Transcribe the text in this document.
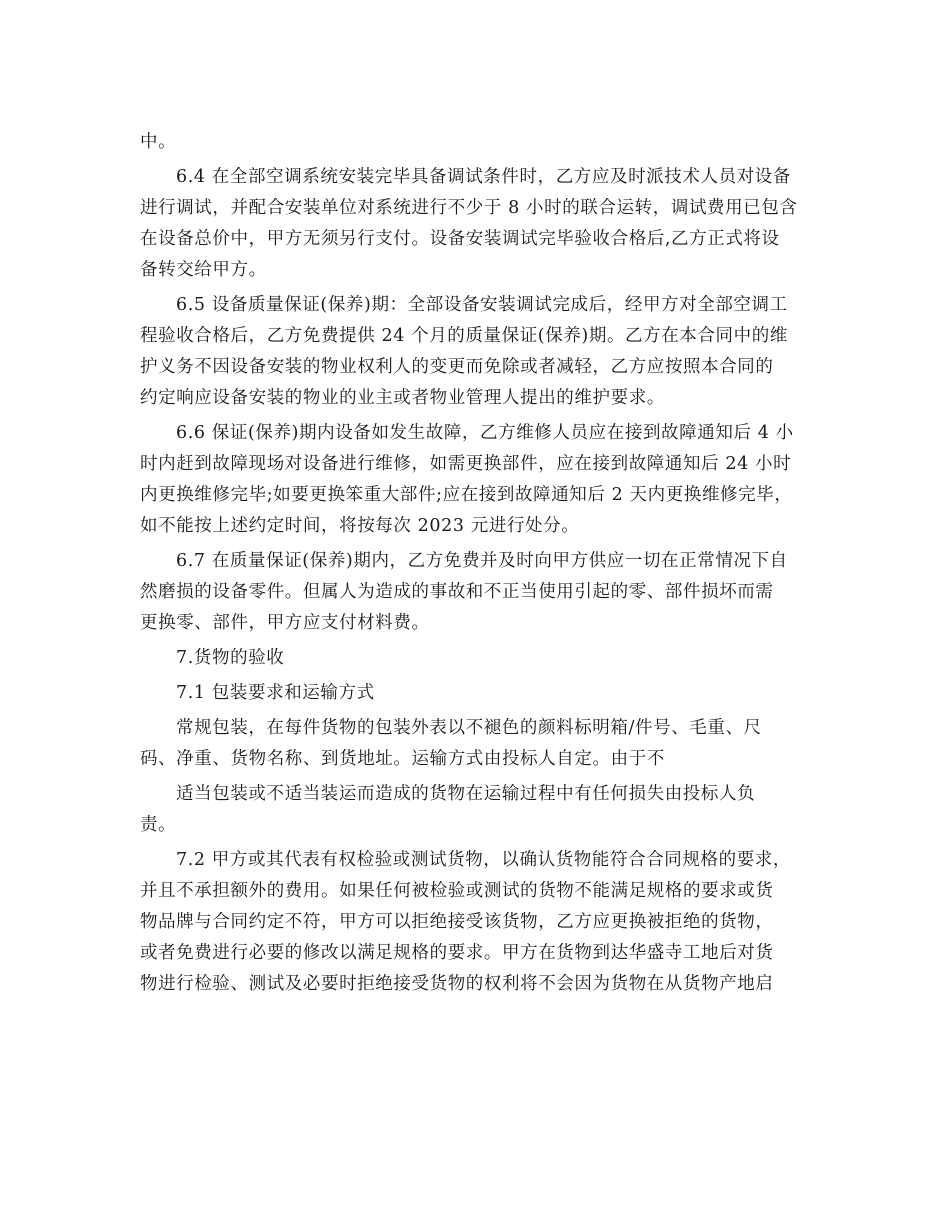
中。
6.4 在全部空调系统安装完毕具备调试条件时，乙方应及时派技术人员对设备
进行调试，并配合安装单位对系统进行不少于 8 小时的联合运转，调试费用已包含
在设备总价中，甲方无须另行支付。设备安装调试完毕验收合格后,乙方正式将设
备转交给甲方。
6.5 设备质量保证(保养)期：全部设备安装调试完成后，经甲方对全部空调工
程验收合格后，乙方免费提供 24 个月的质量保证(保养)期。乙方在本合同中的维
护义务不因设备安装的物业权利人的变更而免除或者减轻，乙方应按照本合同的
约定响应设备安装的物业的业主或者物业管理人提出的维护要求。
6.6 保证(保养)期内设备如发生故障，乙方维修人员应在接到故障通知后 4 小
时内赶到故障现场对设备进行维修，如需更换部件，应在接到故障通知后 24 小时
内更换维修完毕;如要更换笨重大部件;应在接到故障通知后 2 天内更换维修完毕，
如不能按上述约定时间，将按每次 2023 元进行处分。
6.7 在质量保证(保养)期内，乙方免费并及时向甲方供应一切在正常情况下自
然磨损的设备零件。但属人为造成的事故和不正当使用引起的零、部件损坏而需
更换零、部件，甲方应支付材料费。
7.货物的验收
7.1 包装要求和运输方式
常规包装，在每件货物的包装外表以不褪色的颜料标明箱/件号、毛重、尺
码、净重、货物名称、到货地址。运输方式由投标人自定。由于不
适当包装或不适当装运而造成的货物在运输过程中有任何损失由投标人负
责。
7.2 甲方或其代表有权检验或测试货物，以确认货物能符合合同规格的要求，
并且不承担额外的费用。如果任何被检验或测试的货物不能满足规格的要求或货
物品牌与合同约定不符，甲方可以拒绝接受该货物，乙方应更换被拒绝的货物，
或者免费进行必要的修改以满足规格的要求。甲方在货物到达华盛寺工地后对货
物进行检验、测试及必要时拒绝接受货物的权利将不会因为货物在从货物产地启
